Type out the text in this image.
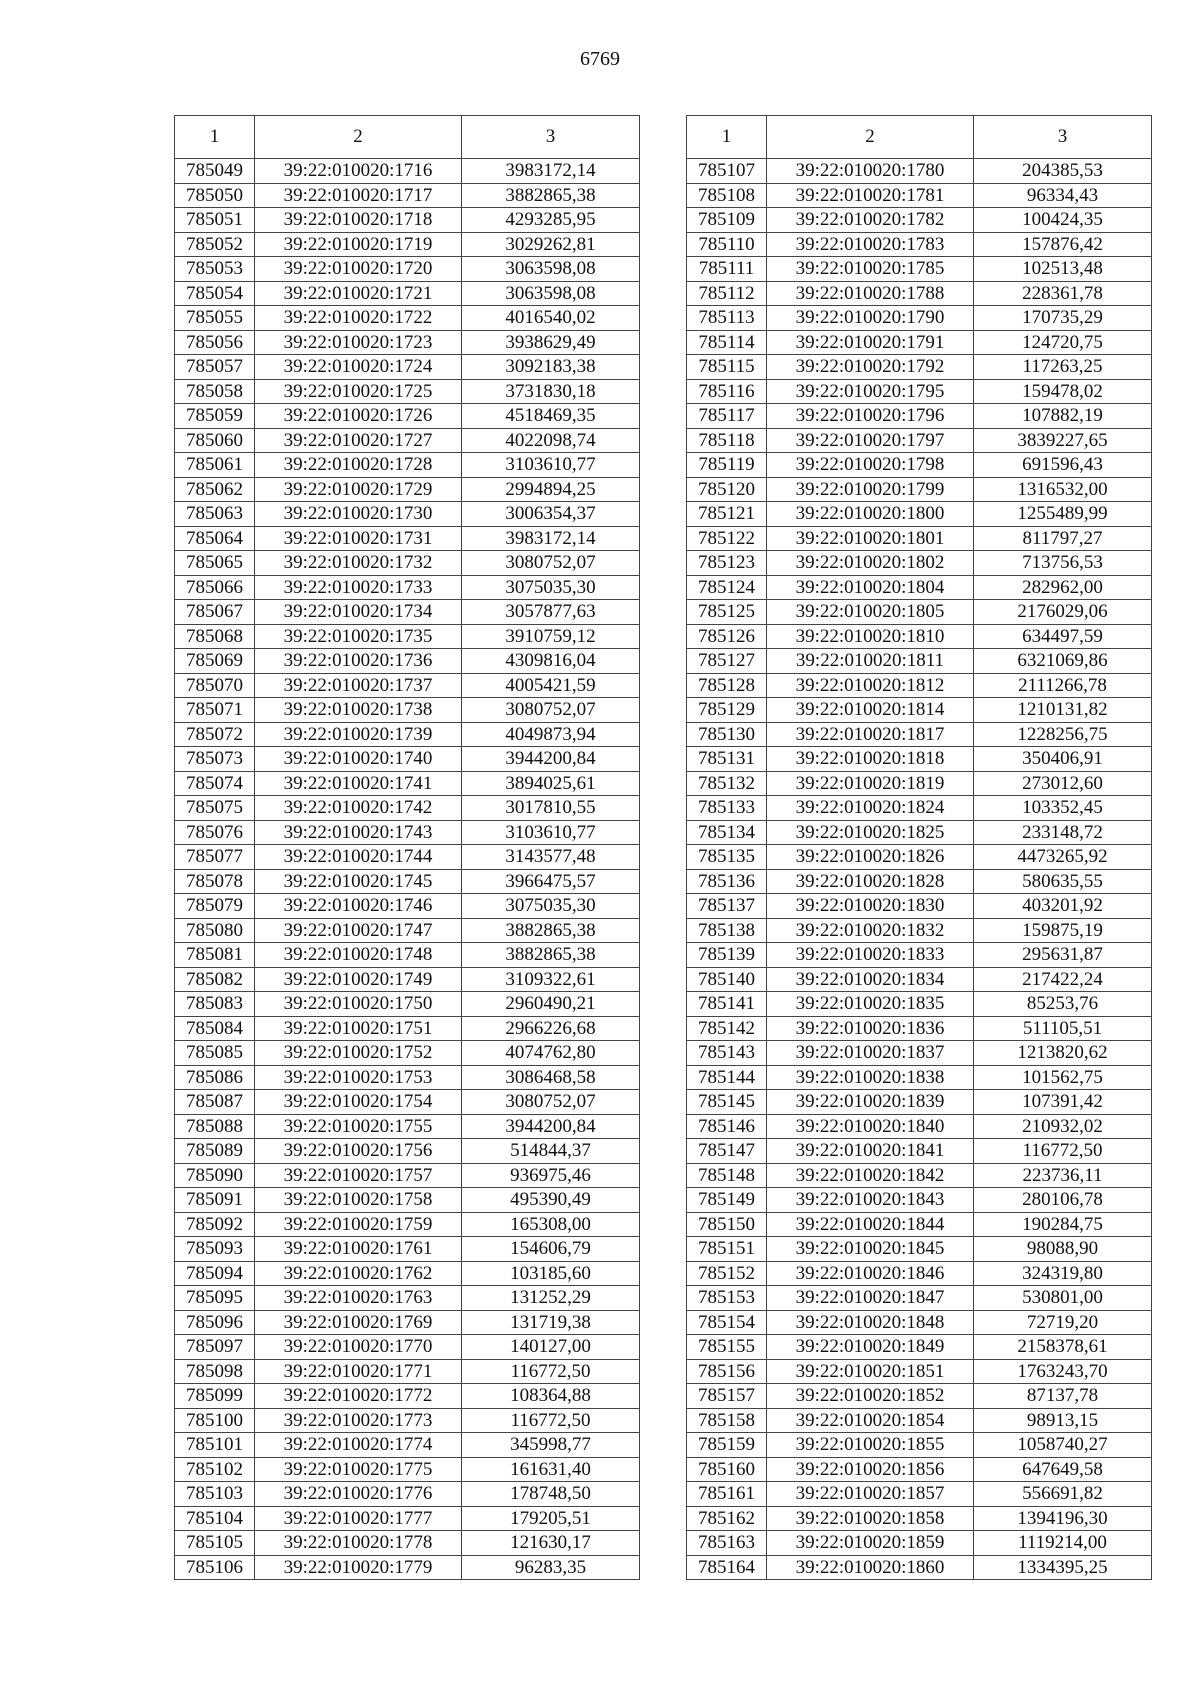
6769
1	2	3
785049	39:22:010020:1716	3983172,14
785050	39:22:010020:1717	3882865,38
785051	39:22:010020:1718	4293285,95
785052	39:22:010020:1719	3029262,81
785053	39:22:010020:1720	3063598,08
785054	39:22:010020:1721	3063598,08
785055	39:22:010020:1722	4016540,02
785056	39:22:010020:1723	3938629,49
785057	39:22:010020:1724	3092183,38
785058	39:22:010020:1725	3731830,18
785059	39:22:010020:1726	4518469,35
785060	39:22:010020:1727	4022098,74
785061	39:22:010020:1728	3103610,77
785062	39:22:010020:1729	2994894,25
785063	39:22:010020:1730	3006354,37
785064	39:22:010020:1731	3983172,14
785065	39:22:010020:1732	3080752,07
785066	39:22:010020:1733	3075035,30
785067	39:22:010020:1734	3057877,63
785068	39:22:010020:1735	3910759,12
785069	39:22:010020:1736	4309816,04
785070	39:22:010020:1737	4005421,59
785071	39:22:010020:1738	3080752,07
785072	39:22:010020:1739	4049873,94
785073	39:22:010020:1740	3944200,84
785074	39:22:010020:1741	3894025,61
785075	39:22:010020:1742	3017810,55
785076	39:22:010020:1743	3103610,77
785077	39:22:010020:1744	3143577,48
785078	39:22:010020:1745	3966475,57
785079	39:22:010020:1746	3075035,30
785080	39:22:010020:1747	3882865,38
785081	39:22:010020:1748	3882865,38
785082	39:22:010020:1749	3109322,61
785083	39:22:010020:1750	2960490,21
785084	39:22:010020:1751	2966226,68
785085	39:22:010020:1752	4074762,80
785086	39:22:010020:1753	3086468,58
785087	39:22:010020:1754	3080752,07
785088	39:22:010020:1755	3944200,84
785089	39:22:010020:1756	514844,37
785090	39:22:010020:1757	936975,46
785091	39:22:010020:1758	495390,49
785092	39:22:010020:1759	165308,00
785093	39:22:010020:1761	154606,79
785094	39:22:010020:1762	103185,60
785095	39:22:010020:1763	131252,29
785096	39:22:010020:1769	131719,38
785097	39:22:010020:1770	140127,00
785098	39:22:010020:1771	116772,50
785099	39:22:010020:1772	108364,88
785100	39:22:010020:1773	116772,50
785101	39:22:010020:1774	345998,77
785102	39:22:010020:1775	161631,40
785103	39:22:010020:1776	178748,50
785104	39:22:010020:1777	179205,51
785105	39:22:010020:1778	121630,17
785106	39:22:010020:1779	96283,35
1	2	3
785107	39:22:010020:1780	204385,53
785108	39:22:010020:1781	96334,43
785109	39:22:010020:1782	100424,35
785110	39:22:010020:1783	157876,42
785111	39:22:010020:1785	102513,48
785112	39:22:010020:1788	228361,78
785113	39:22:010020:1790	170735,29
785114	39:22:010020:1791	124720,75
785115	39:22:010020:1792	117263,25
785116	39:22:010020:1795	159478,02
785117	39:22:010020:1796	107882,19
785118	39:22:010020:1797	3839227,65
785119	39:22:010020:1798	691596,43
785120	39:22:010020:1799	1316532,00
785121	39:22:010020:1800	1255489,99
785122	39:22:010020:1801	811797,27
785123	39:22:010020:1802	713756,53
785124	39:22:010020:1804	282962,00
785125	39:22:010020:1805	2176029,06
785126	39:22:010020:1810	634497,59
785127	39:22:010020:1811	6321069,86
785128	39:22:010020:1812	2111266,78
785129	39:22:010020:1814	1210131,82
785130	39:22:010020:1817	1228256,75
785131	39:22:010020:1818	350406,91
785132	39:22:010020:1819	273012,60
785133	39:22:010020:1824	103352,45
785134	39:22:010020:1825	233148,72
785135	39:22:010020:1826	4473265,92
785136	39:22:010020:1828	580635,55
785137	39:22:010020:1830	403201,92
785138	39:22:010020:1832	159875,19
785139	39:22:010020:1833	295631,87
785140	39:22:010020:1834	217422,24
785141	39:22:010020:1835	85253,76
785142	39:22:010020:1836	511105,51
785143	39:22:010020:1837	1213820,62
785144	39:22:010020:1838	101562,75
785145	39:22:010020:1839	107391,42
785146	39:22:010020:1840	210932,02
785147	39:22:010020:1841	116772,50
785148	39:22:010020:1842	223736,11
785149	39:22:010020:1843	280106,78
785150	39:22:010020:1844	190284,75
785151	39:22:010020:1845	98088,90
785152	39:22:010020:1846	324319,80
785153	39:22:010020:1847	530801,00
785154	39:22:010020:1848	72719,20
785155	39:22:010020:1849	2158378,61
785156	39:22:010020:1851	1763243,70
785157	39:22:010020:1852	87137,78
785158	39:22:010020:1854	98913,15
785159	39:22:010020:1855	1058740,27
785160	39:22:010020:1856	647649,58
785161	39:22:010020:1857	556691,82
785162	39:22:010020:1858	1394196,30
785163	39:22:010020:1859	1119214,00
785164	39:22:010020:1860	1334395,25
